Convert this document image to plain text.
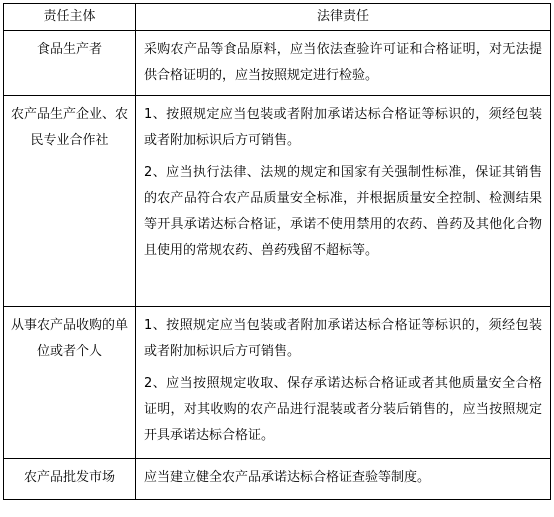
责任主体	法律责任
食品生产者	采购农产品等食品原料，应当依法查验许可证和合格证明，对无法提供合格证明的，应当按照规定进行检验。

农产品生产企业、农民专业合作社	1、按照规定应当包装或者附加承诺达标合格证等标识的，须经包装或者附加标识后方可销售。

2、应当执行法律、法规的规定和国家有关强制性标准，保证其销售的农产品符合农产品质量安全标准，并根据质量安全控制、检测结果等开具承诺达标合格证，承诺不使用禁用的农药、兽药及其他化合物且使用的常规农药、兽药残留不超标等。

从事农产品收购的单位或者个人	1、按照规定应当包装或者附加承诺达标合格证等标识的，须经包装或者附加标识后方可销售。

2、应当按照规定收取、保存承诺达标合格证或者其他质量安全合格证明，对其收购的农产品进行混装或者分装后销售的，应当按照规定开具承诺达标合格证。

农产品批发市场	应当建立健全农产品承诺达标合格证查验等制度。
